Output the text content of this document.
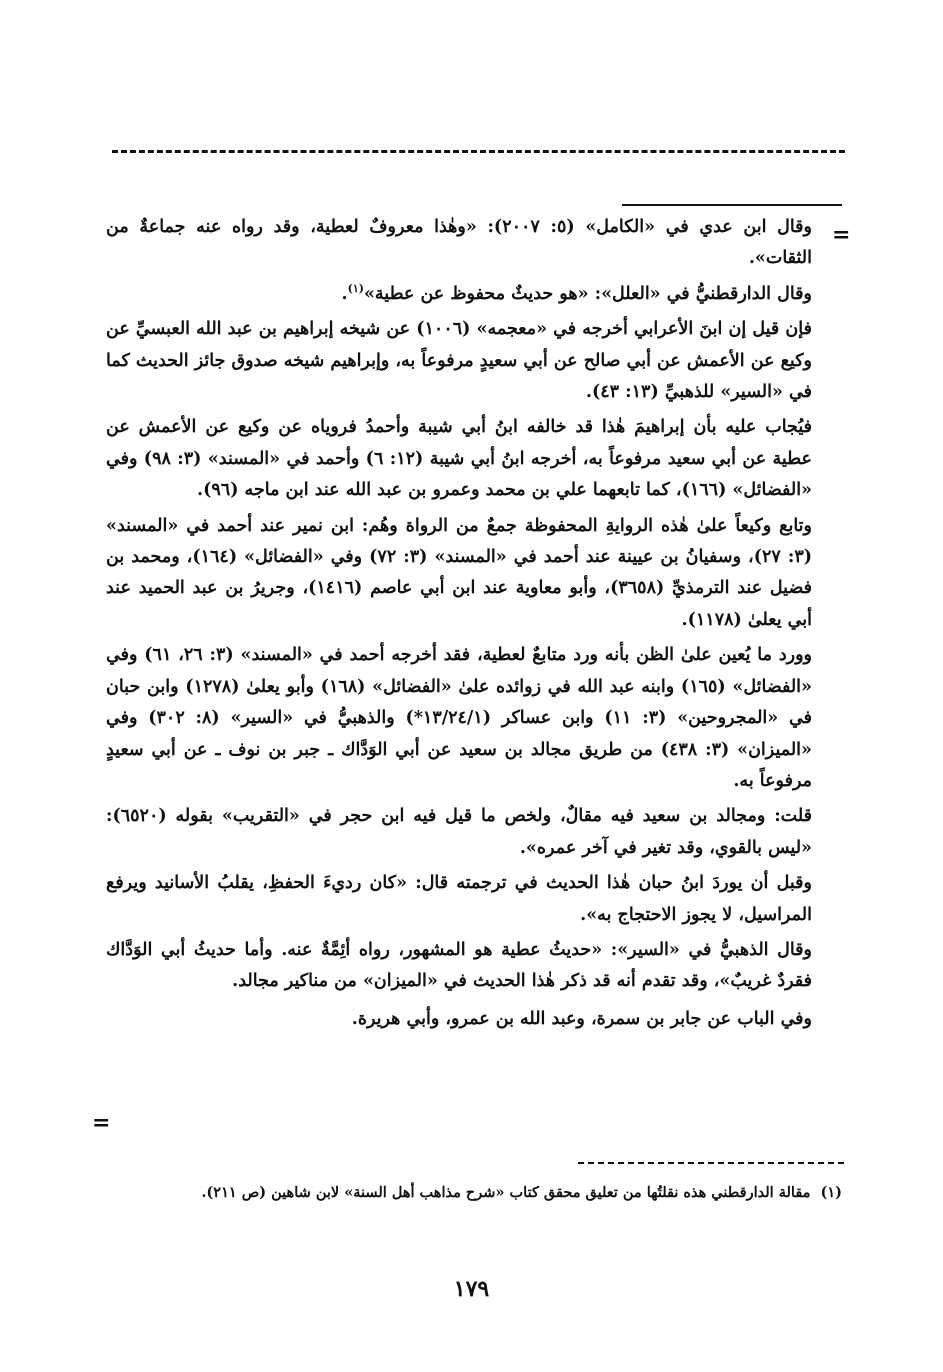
=

وقال ابن عدي في «الكامل» (٥: ٢٠٠٧): «وهٰذا معروفٌ لعطية، وقد رواه عنه جماعةٌ من الثقات».

وقال الدارقطنيُّ في «العلل»: «هو حديثٌ محفوظ عن عطية»$^{(١)}$.

فإن قيل إن ابنَ الأعرابي أخرجه في «معجمه» (١٠٠٦) عن شيخه إبراهيم بن عبد الله العبسيِّ عن وكيع عن الأعمش عن أبي صالح عن أبي سعيدٍ مرفوعاً به، وإبراهيم شيخه صدوق جائز الحديث كما في «السير» للذهبيِّ (١٣: ٤٣).

فيُجاب عليه بأن إبراهيمَ هٰذا قد خالفه ابنُ أبي شيبة وأحمدُ فروياه عن وكيع عن الأعمش عن عطية عن أبي سعيد مرفوعاً به، أخرجه ابنُ أبي شيبة (١٢: ٦) وأحمد في «المسند» (٣: ٩٨) وفي «الفضائل» (١٦٦)، كما تابعهما علي بن محمد وعمرو بن عبد الله عند ابن ماجه (٩٦).

وتابع وكيعاً علىٰ هٰذه الروايةِ المحفوظة جمعٌ من الرواة وهُم: ابن نمير عند أحمد في «المسند» (٣: ٢٧)، وسفيانُ بن عيينة عند أحمد في «المسند» (٣: ٧٢) وفي «الفضائل» (١٦٤)، ومحمد بن فضيل عند الترمذيِّ (٣٦٥٨)، وأبو معاوية عند ابن أبي عاصم (١٤١٦)، وجريرُ بن عبد الحميد عند أبي يعلىٰ (١١٧٨).

وورد ما يُعين علىٰ الظن بأنه ورد متابعٌ لعطية، فقد أخرجه أحمد في «المسند» (٣: ٢٦، ٦١) وفي «الفضائل» (١٦٥) وابنه عبد الله في زوائده علىٰ «الفضائل» (١٦٨) وأبو يعلىٰ (١٢٧٨) وابن حبان في «المجروحين» (٣: ١١) وابن عساكر (١٣/٢٤/١*) والذهبيُّ في «السير» (٨: ٣٠٢) وفي «الميزان» (٣: ٤٣٨) من طريق مجالد بن سعيد عن أبي الوَدَّاك ـ جبر بن نوف ـ عن أبي سعيدٍ مرفوعاً به.

قلت: ومجالد بن سعيد فيه مقالٌ، ولخص ما قيل فيه ابن حجر في «التقريب» بقوله (٦٥٢٠): «ليس بالقوي، وقد تغير في آخر عمره».

وقبل أن يوردَ ابنُ حبان هٰذا الحديث في ترجمته قال: «كان رديءَ الحفظِ، يقلبُ الأسانيد ويرفع المراسيل، لا يجوز الاحتجاج به».

وقال الذهبيُّ في «السير»: «حديثُ عطية هو المشهور، رواه أئِمَّةٌ عنه. وأما حديثُ أبي الوَدَّاك فقردٌ غريبٌ»، وقد تقدم أنه قد ذكر هٰذا الحديث في «الميزان» من مناكير مجالد.

وفي الباب عن جابر بن سمرة، وعبد الله بن عمرو، وأبي هريرة.

=
(١)مقالة الدارقطني هذه نقلتُها من تعليق محقق كتاب «شرح مذاهب أهل السنة» لابن شاهين (ص ٢١١).
١٧٩
